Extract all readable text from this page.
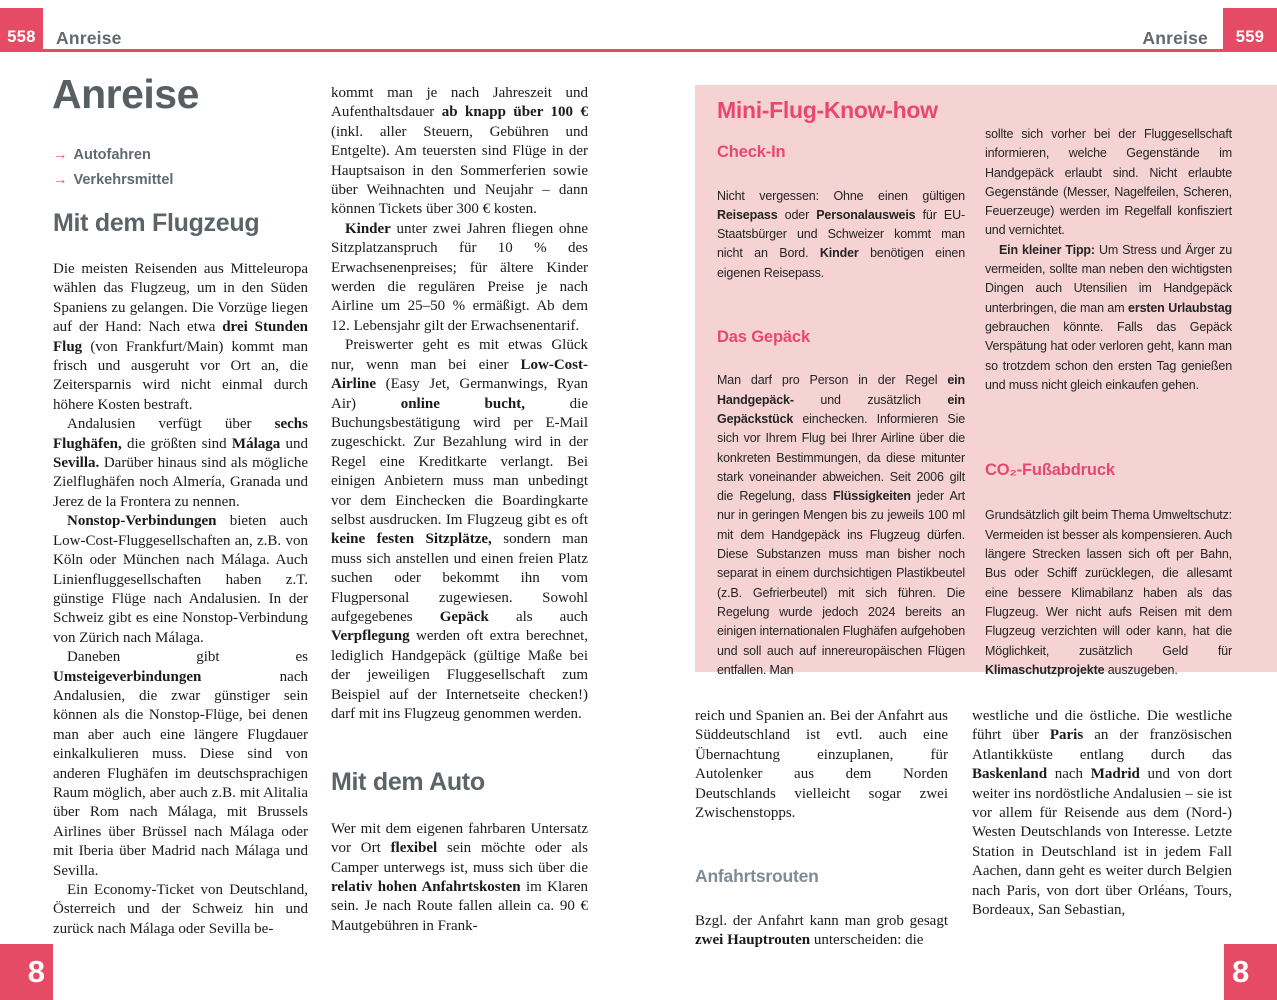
558	Anreise	Anreise	559
Anreise
→ Autofahren
→ Verkehrsmittel
Mit dem Flugzeug

Die meisten Reisenden aus Mitteleuropa wählen das Flugzeug, um in den Süden Spaniens zu gelangen. Die Vorzüge liegen auf der Hand: Nach etwa drei Stunden Flug (von Frankfurt/Main) kommt man frisch und ausgeruht vor Ort an, die Zeitersparnis wird nicht einmal durch höhere Kosten bestraft.

Andalusien verfügt über sechs Flughäfen, die größten sind Málaga und Sevilla. Darüber hinaus sind als mögliche Zielflughäfen noch Almería, Granada und Jerez de la Frontera zu nennen.

Nonstop-Verbindungen bieten auch Low-Cost-Fluggesellschaften an, z.B. von Köln oder München nach Málaga. Auch Linienfluggesellschaften haben z.T. günstige Flüge nach Andalusien. In der Schweiz gibt es eine Nonstop-Verbindung von Zürich nach Málaga.

Daneben gibt es Umsteigeverbindungen nach Andalusien, die zwar günstiger sein können als die Nonstop-Flüge, bei denen man aber auch eine längere Flugdauer einkalkulieren muss. Diese sind von anderen Flughäfen im deutschsprachigen Raum möglich, aber auch z.B. mit Alitalia über Rom nach Málaga, mit Brussels Airlines über Brüssel nach Málaga oder mit Iberia über Madrid nach Málaga und Sevilla.

Ein Economy-Ticket von Deutschland, Österreich und der Schweiz hin und zurück nach Málaga oder Sevilla be-

kommt man je nach Jahreszeit und Aufenthaltsdauer ab knapp über 100 € (inkl. aller Steuern, Gebühren und Entgelte). Am teuersten sind Flüge in der Hauptsaison in den Sommerferien sowie über Weihnachten und Neujahr – dann können Tickets über 300 € kosten.

Kinder unter zwei Jahren fliegen ohne Sitzplatzanspruch für 10 % des Erwachsenenpreises; für ältere Kinder werden die regulären Preise je nach Airline um 25–50 % ermäßigt. Ab dem 12. Lebensjahr gilt der Erwachsenentarif.

Preiswerter geht es mit etwas Glück nur, wenn man bei einer Low-Cost-Airline (Easy Jet, Germanwings, Ryan Air) online bucht, die Buchungsbestätigung wird per E-Mail zugeschickt. Zur Bezahlung wird in der Regel eine Kreditkarte verlangt. Bei einigen Anbietern muss man unbedingt vor dem Einchecken die Boardingkarte selbst ausdrucken. Im Flugzeug gibt es oft keine festen Sitzplätze, sondern man muss sich anstellen und einen freien Platz suchen oder bekommt ihn vom Flugpersonal zugewiesen. Sowohl aufgegebenes Gepäck als auch Verpflegung werden oft extra berechnet, lediglich Handgepäck (gültige Maße bei der jeweiligen Fluggesellschaft zum Beispiel auf der Internetseite checken!) darf mit ins Flugzeug genommen werden.

Mit dem Auto

Wer mit dem eigenen fahrbaren Untersatz vor Ort flexibel sein möchte oder als Camper unterwegs ist, muss sich über die relativ hohen Anfahrtskosten im Klaren sein. Je nach Route fallen allein ca. 90 € Mautgebühren in Frank-

Mini-Flug-Know-how
Check-In

Nicht vergessen: Ohne einen gültigen Reisepass oder Personalausweis für EU-Staatsbürger und Schweizer kommt man nicht an Bord. Kinder benötigen einen eigenen Reisepass.

Das Gepäck

Man darf pro Person in der Regel ein Handgepäck- und zusätzlich ein Gepäckstück einchecken. Informieren Sie sich vor Ihrem Flug bei Ihrer Airline über die konkreten Bestimmungen, da diese mitunter stark voneinander abweichen. Seit 2006 gilt die Regelung, dass Flüssigkeiten jeder Art nur in geringen Mengen bis zu jeweils 100 ml mit dem Handgepäck ins Flugzeug dürfen. Diese Substanzen muss man bisher noch separat in einem durchsichtigen Plastikbeutel (z.B. Gefrierbeutel) mit sich führen. Die Regelung wurde jedoch 2024 bereits an einigen internationalen Flughäfen aufgehoben und soll auch auf innereuropäischen Flügen entfallen. Man

sollte sich vorher bei der Fluggesellschaft informieren, welche Gegenstände im Handgepäck erlaubt sind. Nicht erlaubte Gegenstände (Messer, Nagelfeilen, Scheren, Feuerzeuge) werden im Regelfall konfisziert und vernichtet.

Ein kleiner Tipp: Um Stress und Ärger zu vermeiden, sollte man neben den wichtigsten Dingen auch Utensilien im Handgepäck unterbringen, die man am ersten Urlaubstag gebrauchen könnte. Falls das Gepäck Verspätung hat oder verloren geht, kann man so trotzdem schon den ersten Tag genießen und muss nicht gleich einkaufen gehen.

CO₂-Fußabdruck

Grundsätzlich gilt beim Thema Umweltschutz: Vermeiden ist besser als kompensieren. Auch längere Strecken lassen sich oft per Bahn, Bus oder Schiff zurücklegen, die allesamt eine bessere Klimabilanz haben als das Flugzeug. Wer nicht aufs Reisen mit dem Flugzeug verzichten will oder kann, hat die Möglichkeit, zusätzlich Geld für Klimaschutzprojekte auszugeben.

reich und Spanien an. Bei der Anfahrt aus Süddeutschland ist evtl. auch eine Übernachtung einzuplanen, für Autolenker aus dem Norden Deutschlands vielleicht sogar zwei Zwischenstopps.

Anfahrtsrouten

Bzgl. der Anfahrt kann man grob gesagt zwei Hauptrouten unterscheiden: die

westliche und die östliche. Die westliche führt über Paris an der französischen Atlantikküste entlang durch das Baskenland nach Madrid und von dort weiter ins nordöstliche Andalusien – sie ist vor allem für Reisende aus dem (Nord-) Westen Deutschlands von Interesse. Letzte Station in Deutschland ist in jedem Fall Aachen, dann geht es weiter durch Belgien nach Paris, von dort über Orléans, Tours, Bordeaux, San Sebastian,

8	8
